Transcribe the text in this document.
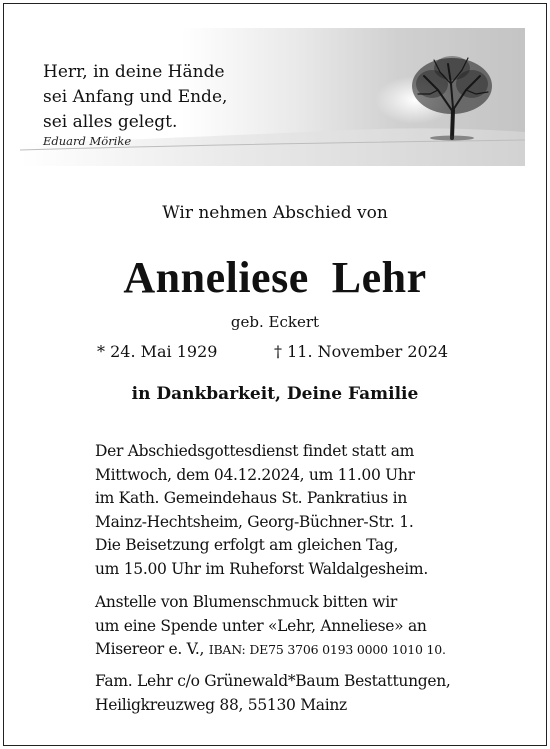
Herr, in deine Hände
sei Anfang und Ende,
sei alles gelegt.
Eduard Mörike
Wir nehmen Abschied von
Anneliese  Lehr
geb. Eckert
* 24. Mai 1929	† 11. November 2024
in Dankbarkeit, Deine Familie
Der Abschiedsgottesdienst findet statt am
Mittwoch, dem 04.12.2024, um 11.00 Uhr
im Kath. Gemeindehaus St. Pankratius in
Mainz-Hechtsheim, Georg-Büchner-Str. 1.
Die Beisetzung erfolgt am gleichen Tag,
um 15.00 Uhr im Ruheforst Waldalgesheim.
Anstelle von Blumenschmuck bitten wir
um eine Spende unter «Lehr, Anneliese» an
Misereor e. V., IBAN: DE75 3706 0193 0000 1010 10.
Fam. Lehr c/o Grünewald*Baum Bestattungen,
Heiligkreuzweg 88, 55130 Mainz
